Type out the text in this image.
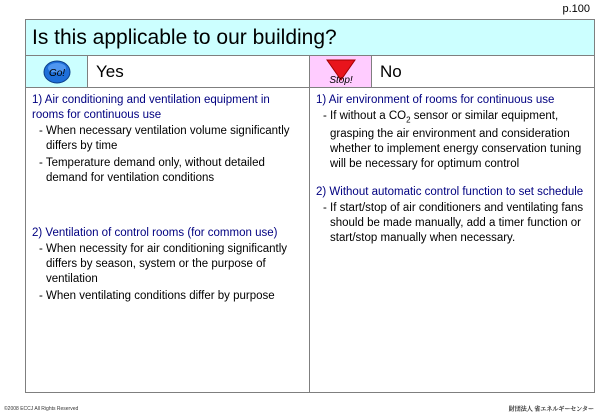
p.100
Is this applicable to our building?
Go!	Yes

1) Air conditioning and ventilation equipment in rooms for continuous use

- When necessary ventilation volume significantly differs by time

- Temperature demand only, without detailed demand for ventilation conditions

2) Ventilation of control rooms (for common use)

- When necessity for air conditioning significantly differs by season, system or the purpose of ventilation

- When ventilating conditions differ by purpose

Stop!	No

1) Air environment of rooms for continuous use

- If without a $CO_2$ sensor or similar equipment, grasping the air environment and consideration whether to implement energy conservation tuning will be necessary for optimum control

2) Without automatic control function to set schedule

- If start/stop of air conditioners and ventilating fans should be made manually, add a timer function or start/stop manually when necessary.

©2008 ECCJ All Rights Reserved	財団法人 省エネルギーセンター
